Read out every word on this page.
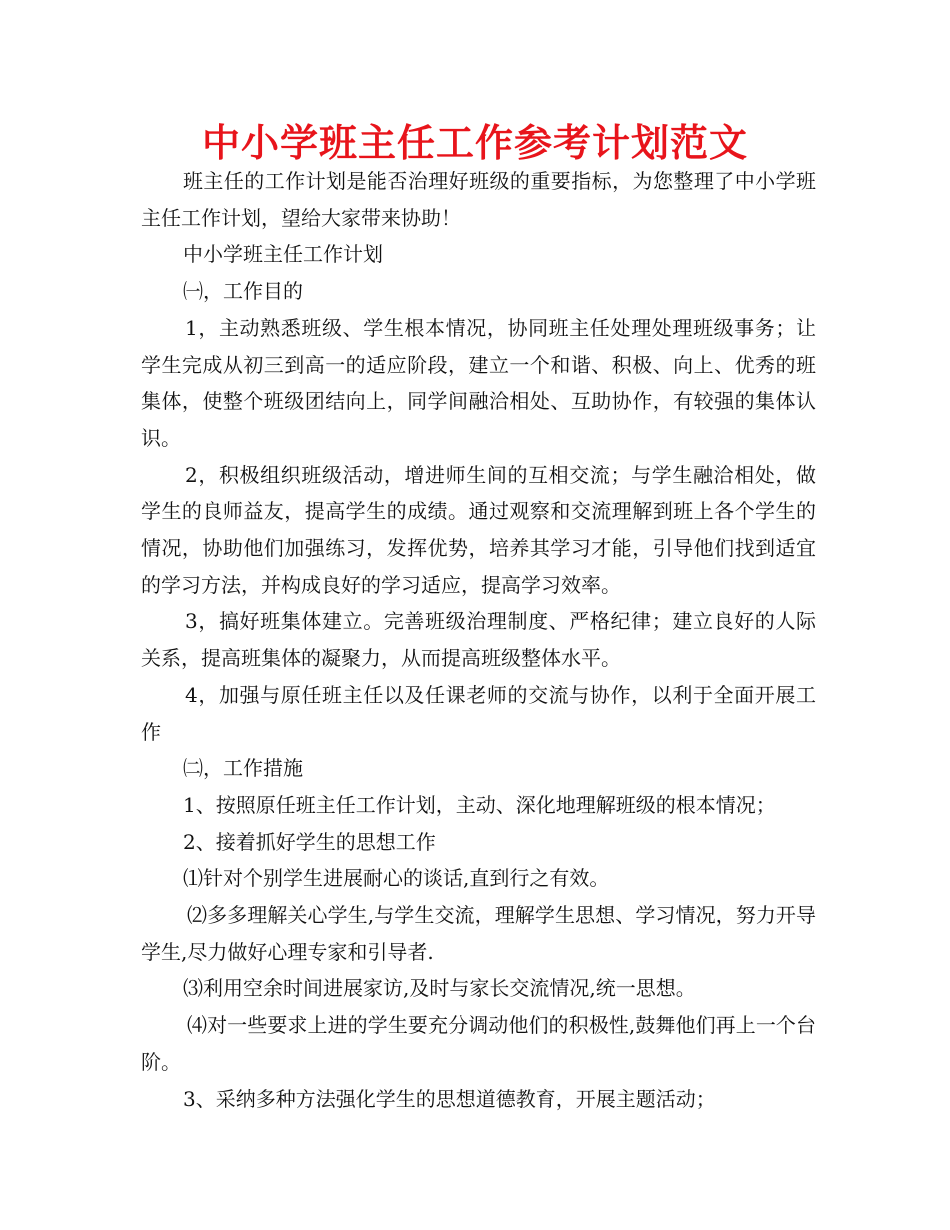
中小学班主任工作参考计划范文

班主任的工作计划是能否治理好班级的重要指标，为您整理了中小学班主任工作计划，望给大家带来协助！

中小学班主任工作计划

㈠，工作目的

1，主动熟悉班级、学生根本情况，协同班主任处理处理班级事务；让学生完成从初三到高一的适应阶段，建立一个和谐、积极、向上、优秀的班集体，使整个班级团结向上，同学间融洽相处、互助协作，有较强的集体认识。

2，积极组织班级活动，增进师生间的互相交流；与学生融洽相处，做学生的良师益友，提高学生的成绩。通过观察和交流理解到班上各个学生的情况，协助他们加强练习，发挥优势，培养其学习才能，引导他们找到适宜的学习方法，并构成良好的学习适应，提高学习效率。

3，搞好班集体建立。完善班级治理制度、严格纪律；建立良好的人际关系，提高班集体的凝聚力，从而提高班级整体水平。

4，加强与原任班主任以及任课老师的交流与协作，以利于全面开展工作

㈡，工作措施

1、按照原任班主任工作计划，主动、深化地理解班级的根本情况；

2、接着抓好学生的思想工作

⑴针对个别学生进展耐心的谈话,直到行之有效。

⑵多多理解关心学生,与学生交流，理解学生思想、学习情况，努力开导学生,尽力做好心理专家和引导者.

⑶利用空余时间进展家访,及时与家长交流情况,统一思想。

⑷对一些要求上进的学生要充分调动他们的积极性,鼓舞他们再上一个台阶。

3、采纳多种方法强化学生的思想道德教育，开展主题活动；
